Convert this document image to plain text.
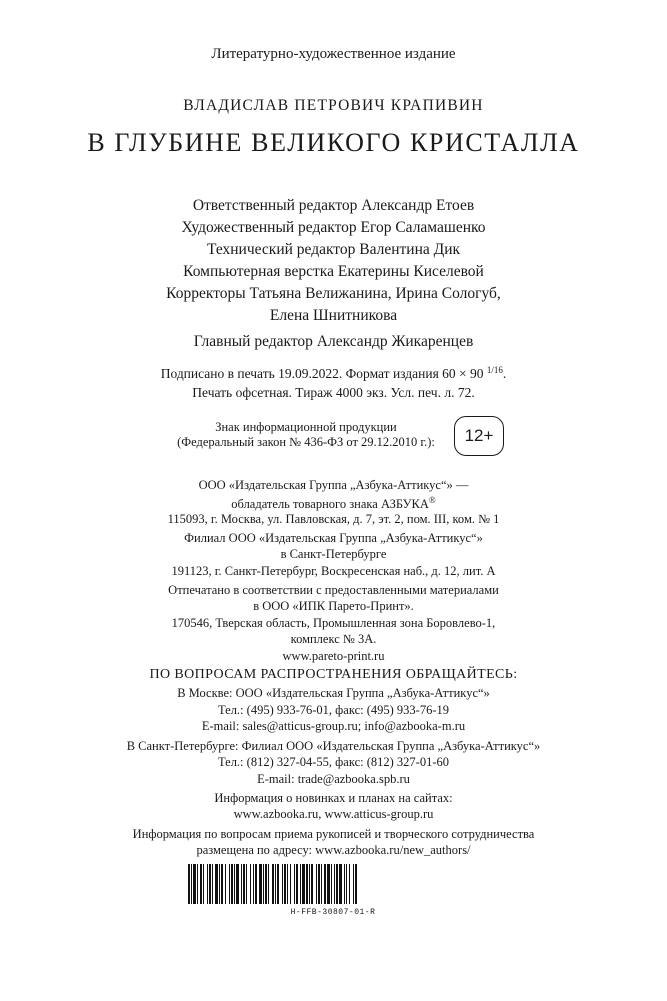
Литературно-художественное издание
ВЛАДИСЛАВ ПЕТРОВИЧ КРАПИВИН
В ГЛУБИНЕ ВЕЛИКОГО КРИСТАЛЛА
Ответственный редактор Александр Етоев
Художественный редактор Егор Саламашенко
Технический редактор Валентина Дик
Компьютерная верстка Екатерины Киселевой
Корректоры Татьяна Велижанина, Ирина Сологуб,
Елена Шнитникова
Главный редактор Александр Жикаренцев
Подписано в печать 19.09.2022. Формат издания 60 × 90 $^{1/16}$.
Печать офсетная. Тираж 4000 экз. Усл. печ. л. 72.
Знак информационной продукции
(Федеральный закон № 436-ФЗ от 29.12.2010 г.):	12+
ООО «Издательская Группа „Азбука-Аттикус“» —
обладатель товарного знака АЗБУКА®
115093, г. Москва, ул. Павловская, д. 7, эт. 2, пом. III, ком. № 1
Филиал ООО «Издательская Группа „Азбука-Аттикус“»
в Санкт-Петербурге
191123, г. Санкт-Петербург, Воскресенская наб., д. 12, лит. А
Отпечатано в соответствии с предоставленными материалами
в ООО «ИПК Парето-Принт».
170546, Тверская область, Промышленная зона Боровлево-1,
комплекс № 3А.
www.pareto-print.ru
ПО ВОПРОСАМ РАСПРОСТРАНЕНИЯ ОБРАЩАЙТЕСЬ:
В Москве: ООО «Издательская Группа „Азбука-Аттикус“»
Тел.: (495) 933-76-01, факс: (495) 933-76-19
E-mail: sales@atticus-group.ru; info@azbooka-m.ru
В Санкт-Петербурге: Филиал ООО «Издательская Группа „Азбука-Аттикус“»
Тел.: (812) 327-04-55, факс: (812) 327-01-60
E-mail: trade@azbooka.spb.ru
Информация о новинках и планах на сайтах:
www.azbooka.ru, www.atticus-group.ru
Информация по вопросам приема рукописей и творческого сотрудничества
размещена по адресу: www.azbooka.ru/new_authors/
H-FFB-30807-01-R
